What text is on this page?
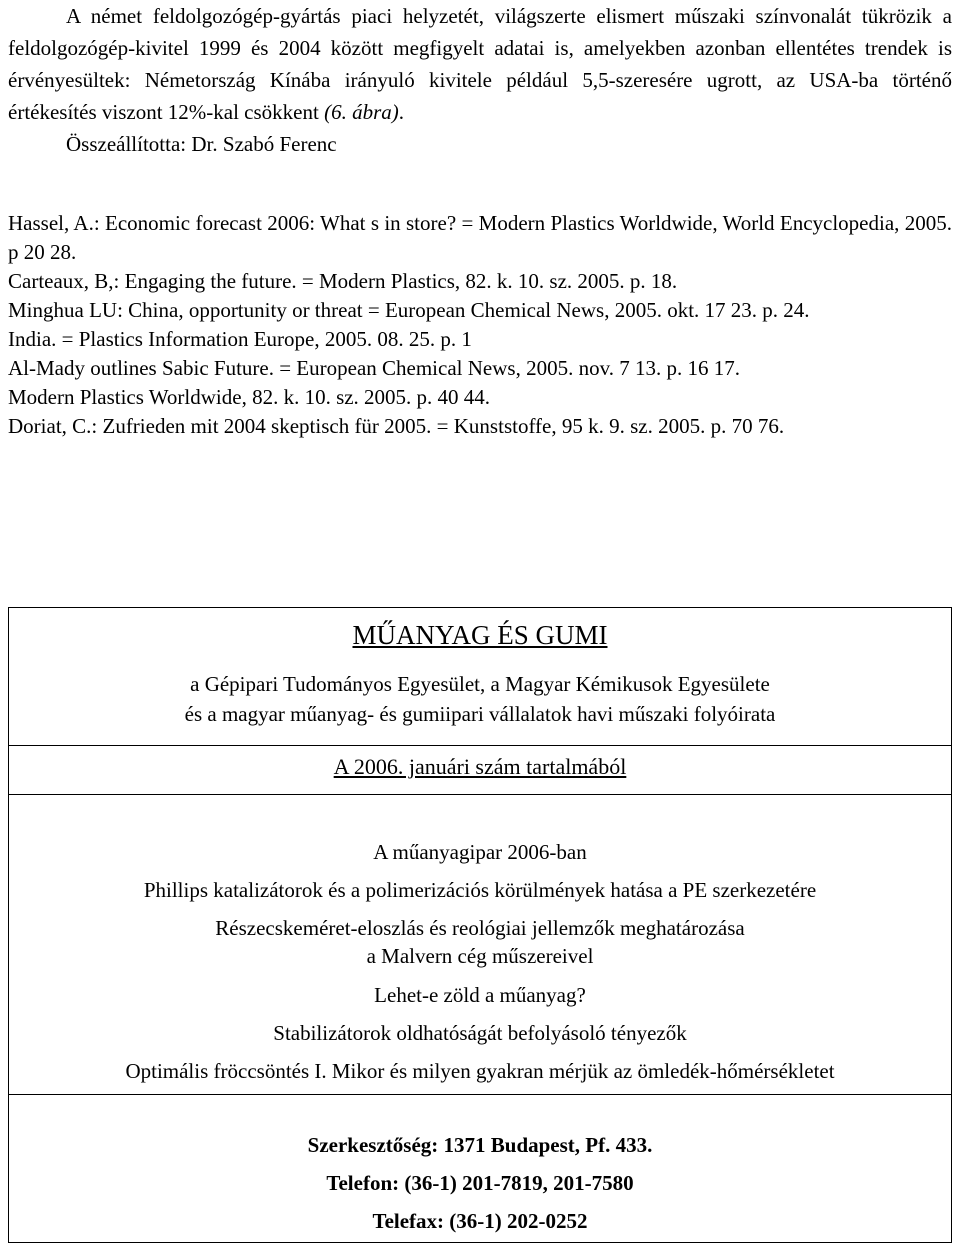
A német feldolgozógép-gyártás piaci helyzetét, világszerte elismert műszaki színvonalát tükrözik a feldolgozógép-kivitel 1999 és 2004 között megfigyelt adatai is, amelyekben azonban ellentétes trendek is érvényesültek: Németország Kínába irányuló kivitele például 5,5-szeresére ugrott, az USA-ba történő értékesítés viszont 12%-kal csökkent (6. ábra).

Összeállította: Dr. Szabó Ferenc

Hassel, A.: Economic forecast 2006: What s in store? = Modern Plastics Worldwide, World Encyclopedia, 2005. p 20 28.

Carteaux, B,: Engaging the future. = Modern Plastics, 82. k. 10. sz. 2005. p. 18.

Minghua LU: China, opportunity or threat = European Chemical News, 2005. okt. 17 23. p. 24.

India. = Plastics Information Europe, 2005. 08. 25. p. 1

Al-Mady outlines Sabic Future. = European Chemical News, 2005. nov. 7 13. p. 16 17.

Modern Plastics Worldwide, 82. k. 10. sz. 2005. p. 40 44.

Doriat, C.: Zufrieden mit 2004 skeptisch für 2005. = Kunststoffe, 95 k. 9. sz. 2005. p. 70 76.

MŰANYAG ÉS GUMI

a Gépipari Tudományos Egyesület, a Magyar Kémikusok Egyesülete
és a magyar műanyag- és gumiipari vállalatok havi műszaki folyóirata

A 2006. januári szám tartalmából

A műanyagipar 2006-ban

Phillips katalizátorok és a polimerizációs körülmények hatása a PE szerkezetére

Részecskeméret-eloszlás és reológiai jellemzők meghatározása

a Malvern cég műszereivel

Lehet-e zöld a műanyag?

Stabilizátorok oldhatóságát befolyásoló tényezők

Optimális fröccsöntés I. Mikor és milyen gyakran mérjük az ömledék-hőmérsékletet

Szerkesztőség: 1371 Budapest, Pf. 433.

Telefon: (36-1) 201-7819, 201-7580

Telefax: (36-1) 202-0252
